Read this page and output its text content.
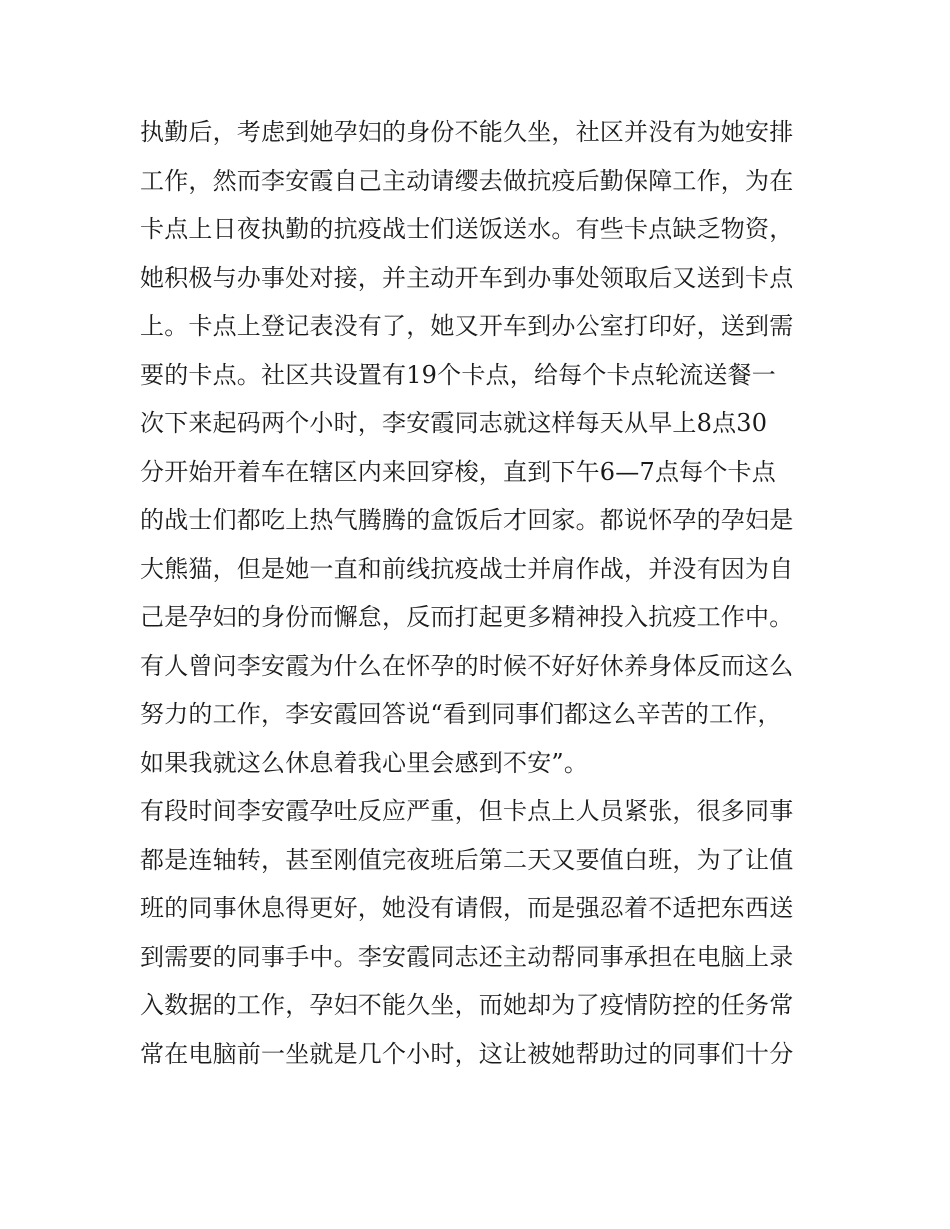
执勤后，考虑到她孕妇的身份不能久坐，社区并没有为她安排
工作，然而李安霞自己主动请缨去做抗疫后勤保障工作，为在
卡点上日夜执勤的抗疫战士们送饭送水。有些卡点缺乏物资，
她积极与办事处对接，并主动开车到办事处领取后又送到卡点
上。卡点上登记表没有了，她又开车到办公室打印好，送到需
要的卡点。社区共设置有19个卡点，给每个卡点轮流送餐一
次下来起码两个小时，李安霞同志就这样每天从早上8点30
分开始开着车在辖区内来回穿梭，直到下午6—7点每个卡点
的战士们都吃上热气腾腾的盒饭后才回家。都说怀孕的孕妇是
大熊猫，但是她一直和前线抗疫战士并肩作战，并没有因为自
己是孕妇的身份而懈怠，反而打起更多精神投入抗疫工作中。
有人曾问李安霞为什么在怀孕的时候不好好休养身体反而这么
努力的工作，李安霞回答说“看到同事们都这么辛苦的工作，
如果我就这么休息着我心里会感到不安”。
有段时间李安霞孕吐反应严重，但卡点上人员紧张，很多同事
都是连轴转，甚至刚值完夜班后第二天又要值白班，为了让值
班的同事休息得更好，她没有请假，而是强忍着不适把东西送
到需要的同事手中。李安霞同志还主动帮同事承担在电脑上录
入数据的工作，孕妇不能久坐，而她却为了疫情防控的任务常
常在电脑前一坐就是几个小时，这让被她帮助过的同事们十分
